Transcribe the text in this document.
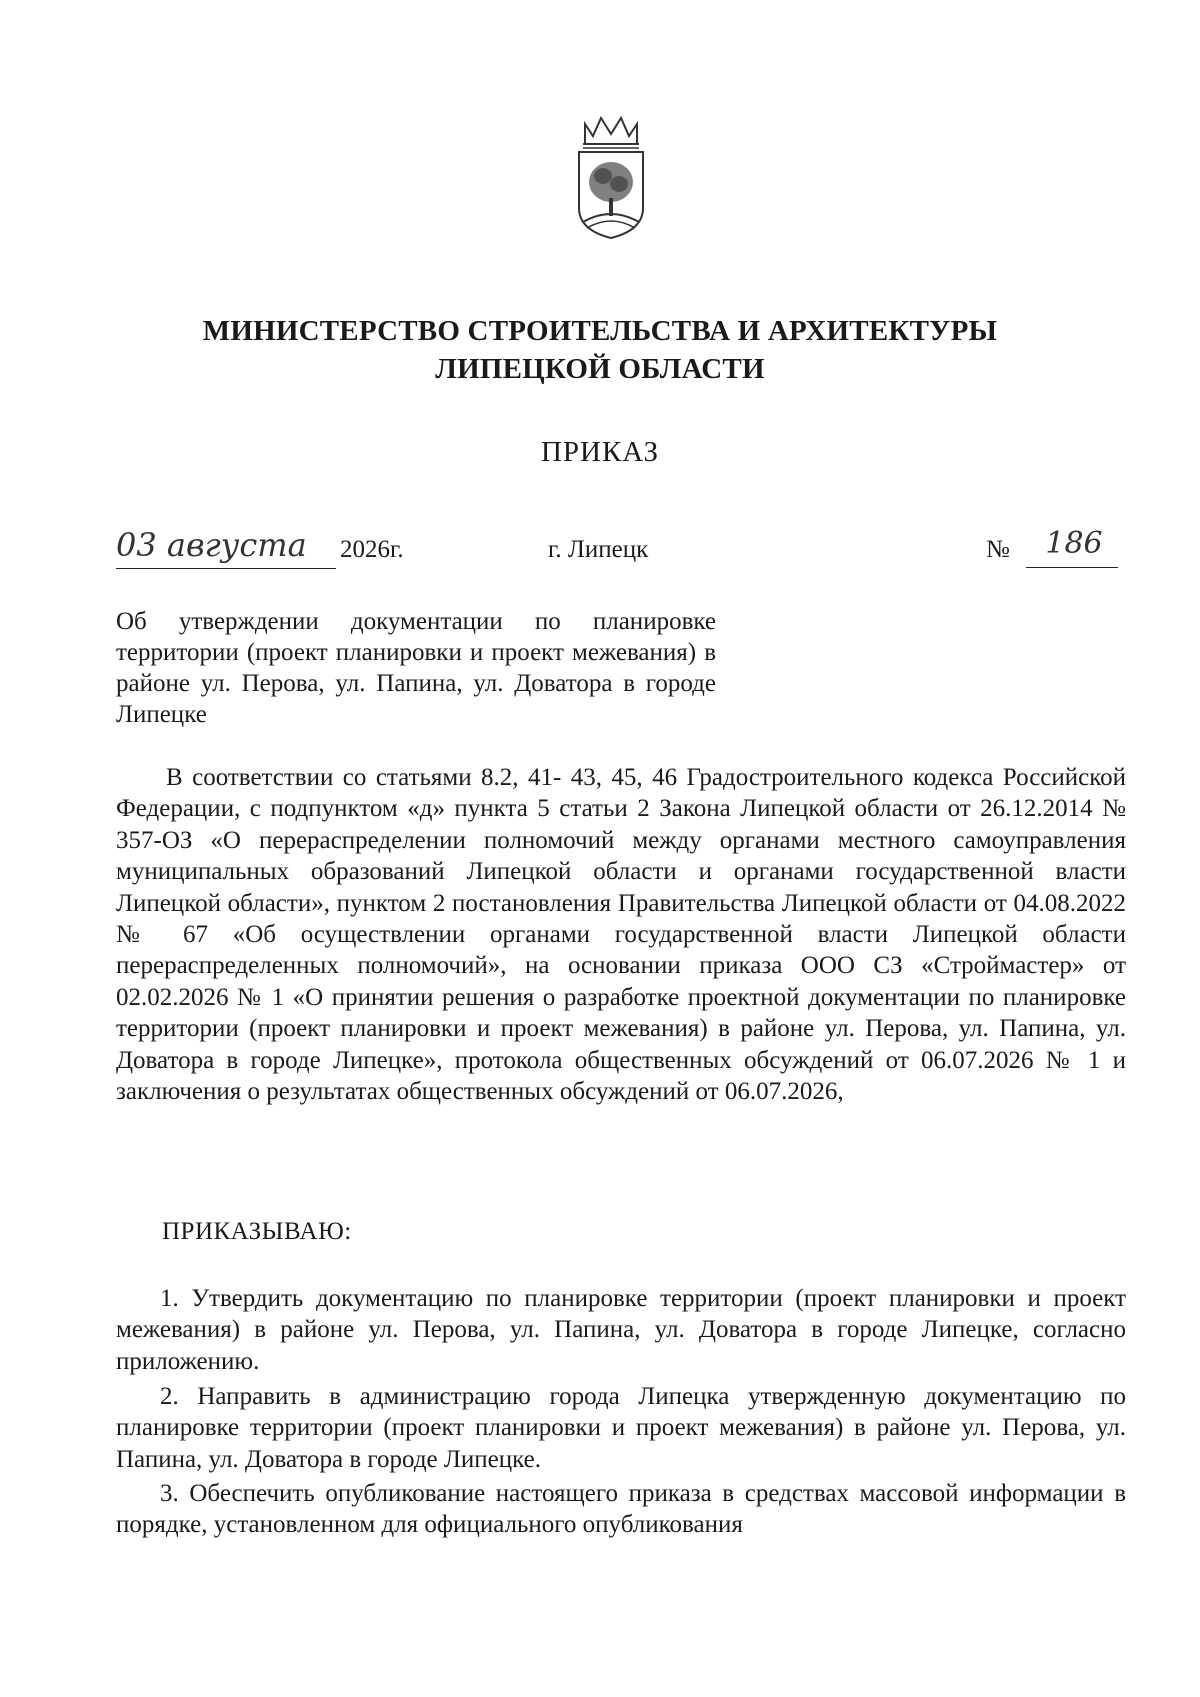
МИНИСТЕРСТВО СТРОИТЕЛЬСТВА И АРХИТЕКТУРЫ
ЛИПЕЦКОЙ ОБЛАСТИ
ПРИКАЗ
03 августа	2026г.	г. Липецк	№	186
Об утверждении документации по планировке территории (проект планировки и проект межевания) в районе ул. Перова, ул. Папина, ул. Доватора в городе Липецке
В соответствии со статьями 8.2, 41- 43, 45, 46 Градостроительного кодекса Российской Федерации, с подпунктом «д» пункта 5 статьи 2 Закона Липецкой области от 26.12.2014 № 357-ОЗ «О перераспределении полномочий между органами местного самоуправления муниципальных образований Липецкой области и органами государственной власти Липецкой области», пунктом 2 постановления Правительства Липецкой области от 04.08.2022 № 67 «Об осуществлении органами государственной власти Липецкой области перераспределенных полномочий», на основании приказа ООО СЗ «Строймастер» от 02.02.2026 № 1 «О принятии решения о разработке проектной документации по планировке территории (проект планировки и проект межевания) в районе ул. Перова, ул. Папина, ул. Доватора в городе Липецке», протокола общественных обсуждений от 06.07.2026 № 1 и заключения о результатах общественных обсуждений от 06.07.2026,
ПРИКАЗЫВАЮ:
1. Утвердить документацию по планировке территории (проект планировки и проект межевания) в районе ул. Перова, ул. Папина, ул. Доватора в городе Липецке, согласно приложению.
2. Направить в администрацию города Липецка утвержденную документацию по планировке территории (проект планировки и проект межевания) в районе ул. Перова, ул. Папина, ул. Доватора в городе Липецке.
3. Обеспечить опубликование настоящего приказа в средствах массовой информации в порядке, установленном для официального опубликования
